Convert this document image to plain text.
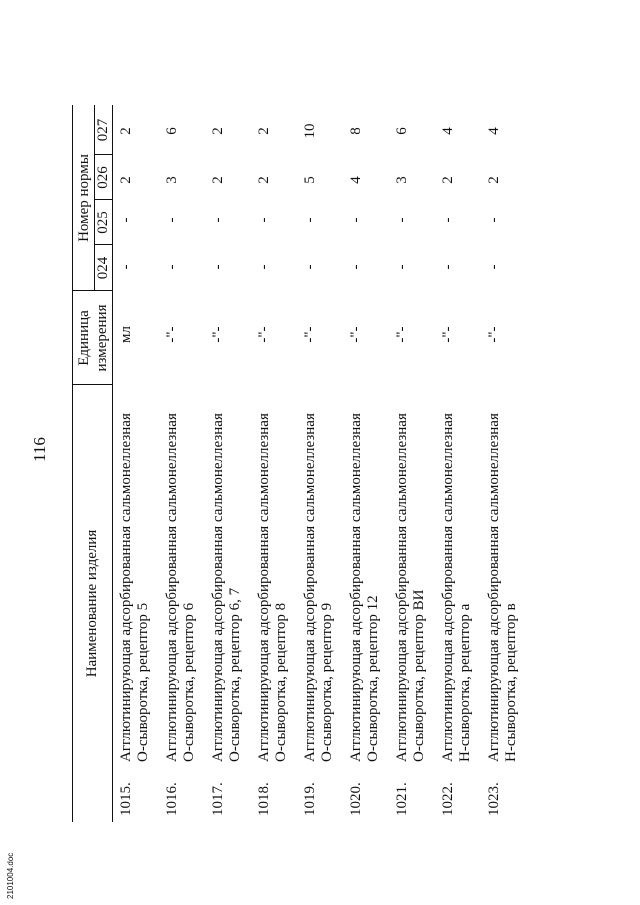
2101004.doc
116
Наименование изделия
Единица измерения
Номер нормы
024
025
026
027
1015.
Агглютинирующая адсорбированная сальмонеллезная О-сыворотка, рецептор 5
мл
-
-
2
2
1016.
Агглютинирующая адсорбированная сальмонеллезная О-сыворотка, рецептор 6
-"-
-
-
3
6
1017.
Агглютинирующая адсорбированная сальмонеллезная О-сыворотка, рецептор 6, 7
-"-
-
-
2
2
1018.
Агглютинирующая адсорбированная сальмонеллезная О-сыворотка, рецептор 8
-"-
-
-
2
2
1019.
Агглютинирующая адсорбированная сальмонеллезная О-сыворотка, рецептор 9
-"-
-
-
5
10
1020.
Агглютинирующая адсорбированная сальмонеллезная О-сыворотка, рецептор 12
-"-
-
-
4
8
1021.
Агглютинирующая адсорбированная сальмонеллезная О-сыворотка, рецептор ВИ
-"-
-
-
3
6
1022.
Агглютинирующая адсорбированная сальмонеллезная Н-сыворотка, рецептор а
-"-
-
-
2
4
1023.
Агглютинирующая адсорбированная сальмонеллезная Н-сыворотка, рецептор в
-"-
-
-
2
4
